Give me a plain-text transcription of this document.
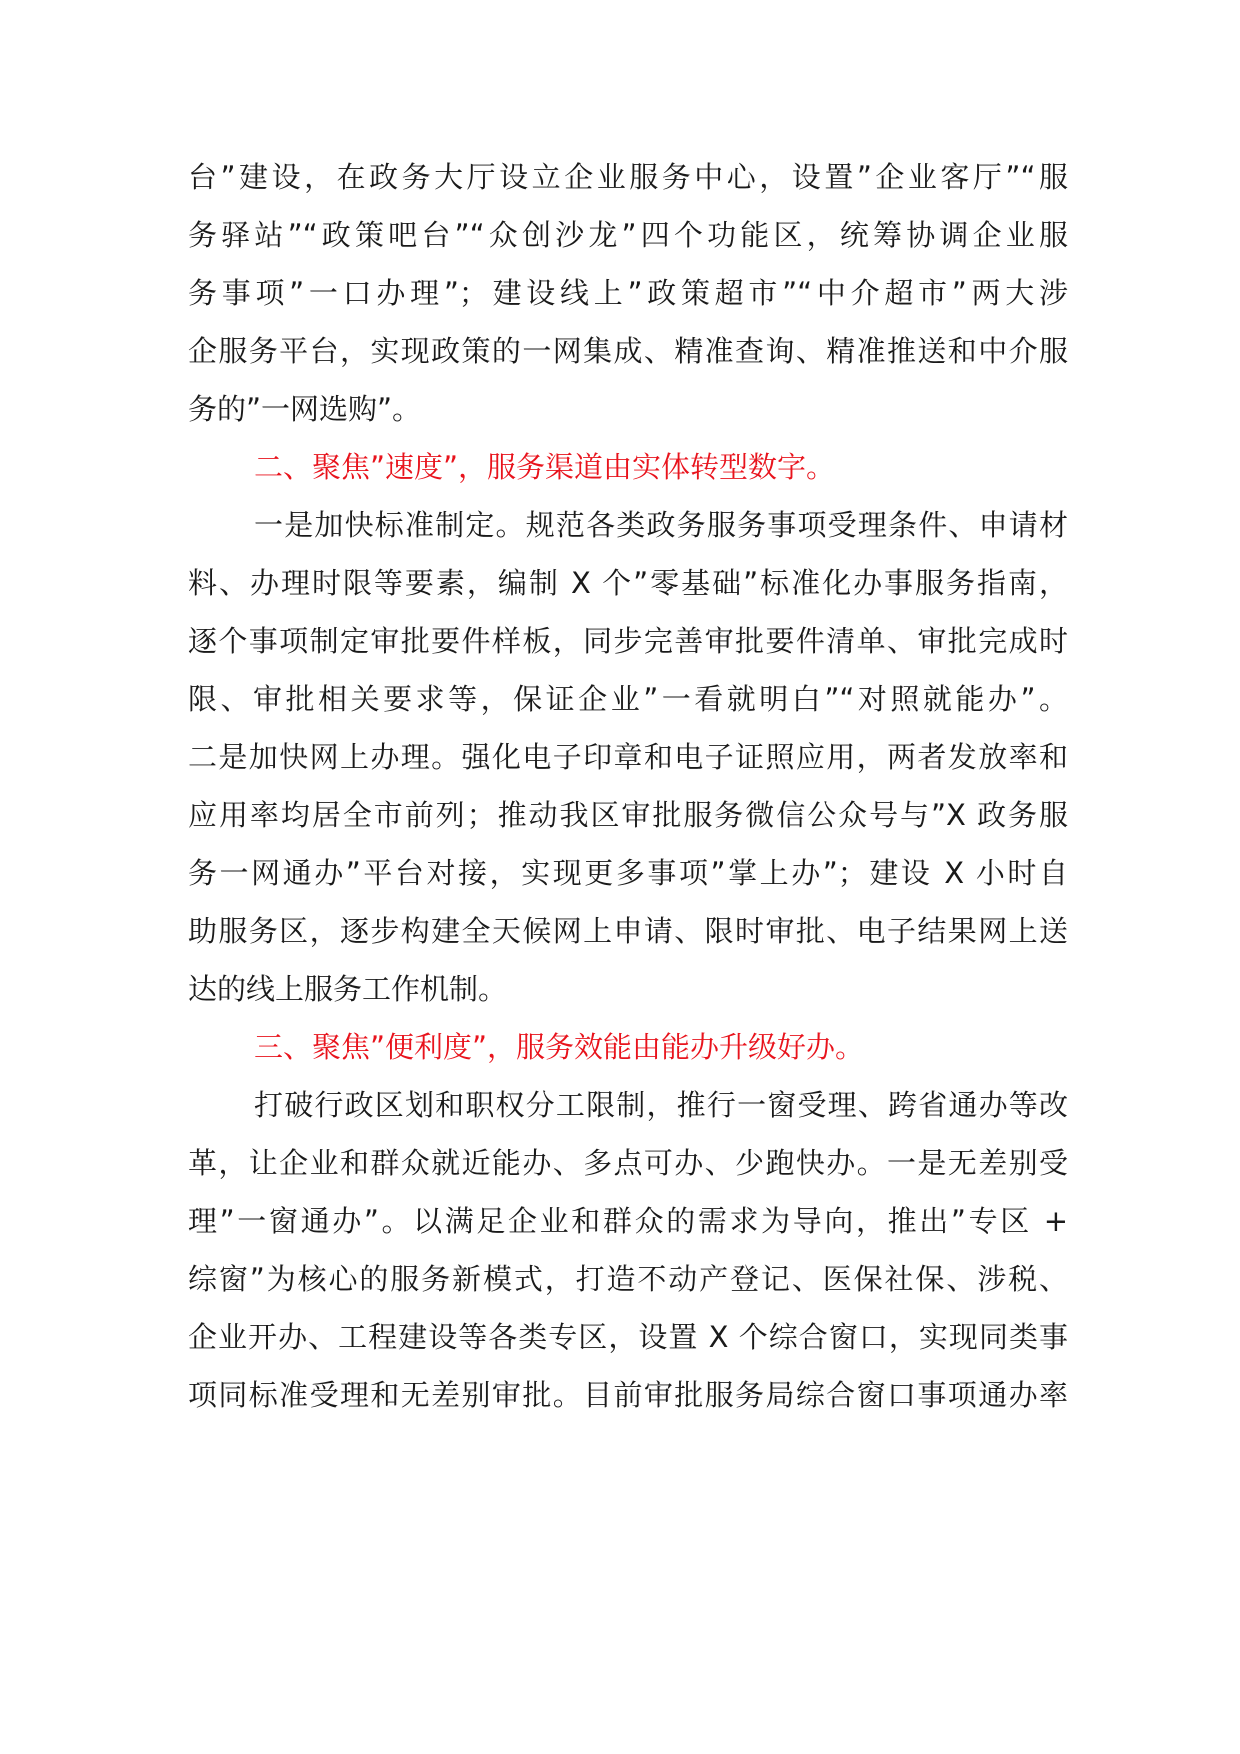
台”建设，在政务大厅设立企业服务中心，设置”企业客厅”“服
务驿站”“政策吧台”“众创沙龙”四个功能区，统筹协调企业服
务事项”一口办理”；建设线上”政策超市”“中介超市”两大涉
企服务平台，实现政策的一网集成、精准查询、精准推送和中介服
务的”一网选购”。
二、聚焦”速度”，服务渠道由实体转型数字。
一是加快标准制定。规范各类政务服务事项受理条件、申请材
料、办理时限等要素，编制 X 个”零基础”标准化办事服务指南，
逐个事项制定审批要件样板，同步完善审批要件清单、审批完成时
限、审批相关要求等，保证企业”一看就明白”“对照就能办”。
二是加快网上办理。强化电子印章和电子证照应用，两者发放率和
应用率均居全市前列；推动我区审批服务微信公众号与”X 政务服
务一网通办”平台对接，实现更多事项”掌上办”；建设 X 小时自
助服务区，逐步构建全天候网上申请、限时审批、电子结果网上送
达的线上服务工作机制。
三、聚焦”便利度”，服务效能由能办升级好办。
打破行政区划和职权分工限制，推行一窗受理、跨省通办等改
革，让企业和群众就近能办、多点可办、少跑快办。一是无差别受
理”一窗通办”。以满足企业和群众的需求为导向，推出”专区 +
综窗”为核心的服务新模式，打造不动产登记、医保社保、涉税、
企业开办、工程建设等各类专区，设置 X 个综合窗口，实现同类事
项同标准受理和无差别审批。目前审批服务局综合窗口事项通办率
